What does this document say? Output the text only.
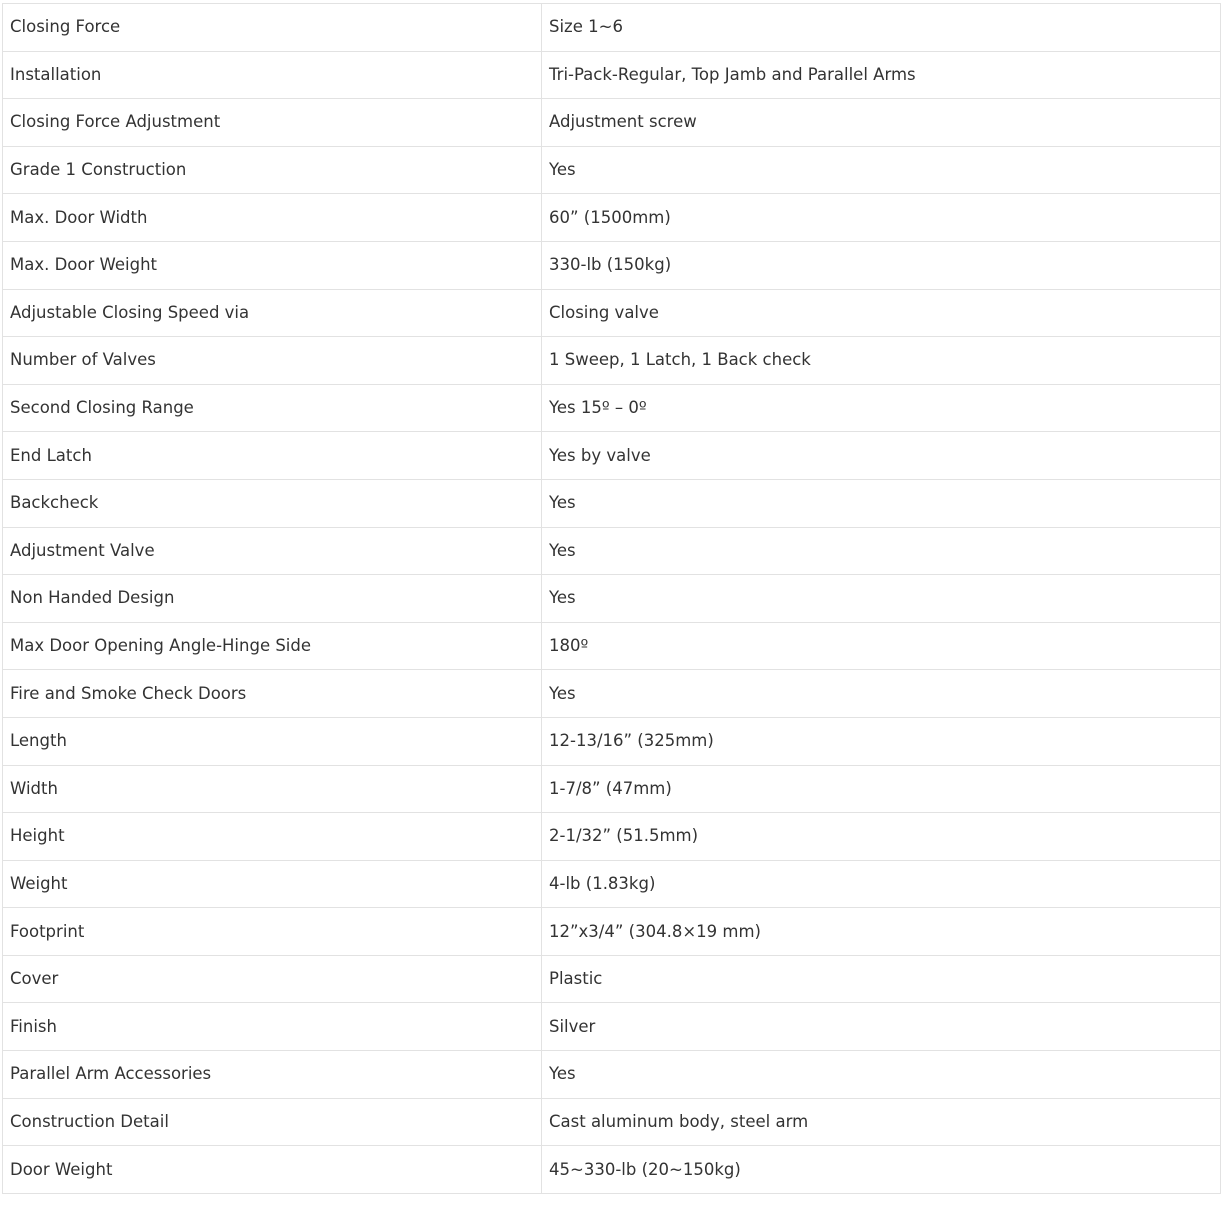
Closing Force	Size 1~6
Installation	Tri-Pack-Regular, Top Jamb and Parallel Arms
Closing Force Adjustment	Adjustment screw
Grade 1 Construction	Yes
Max. Door Width	60” (1500mm)
Max. Door Weight	330-lb (150kg)
Adjustable Closing Speed via	Closing valve
Number of Valves	1 Sweep, 1 Latch, 1 Back check
Second Closing Range	Yes 15º – 0º
End Latch	Yes by valve
Backcheck	Yes
Adjustment Valve	Yes
Non Handed Design	Yes
Max Door Opening Angle-Hinge Side	180º
Fire and Smoke Check Doors	Yes
Length	12-13/16” (325mm)
Width	1-7/8” (47mm)
Height	2-1/32” (51.5mm)
Weight	4-lb (1.83kg)
Footprint	12”x3/4” (304.8×19 mm)
Cover	Plastic
Finish	Silver
Parallel Arm Accessories	Yes
Construction Detail	Cast aluminum body, steel arm
Door Weight	45~330-lb (20~150kg)
